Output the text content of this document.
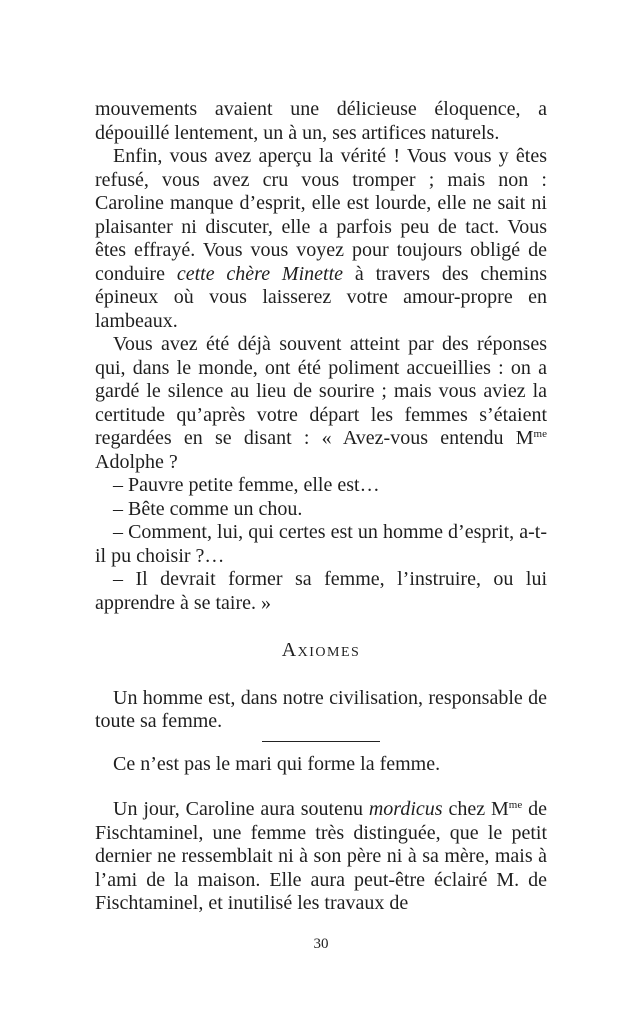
mouvements avaient une délicieuse éloquence, a dépouillé lentement, un à un, ses artifices naturels.

Enfin, vous avez aperçu la vérité ! Vous vous y êtes refusé, vous avez cru vous tromper ; mais non : Caroline manque d’esprit, elle est lourde, elle ne sait ni plaisanter ni discuter, elle a parfois peu de tact. Vous êtes effrayé. Vous vous voyez pour toujours obligé de conduire cette chère Minette à travers des chemins épineux où vous laisserez votre amour-propre en lambeaux.

Vous avez été déjà souvent atteint par des réponses qui, dans le monde, ont été poliment accueillies : on a gardé le silence au lieu de sourire ; mais vous aviez la certitude qu’après votre départ les femmes s’étaient regardées en se disant : « Avez-vous entendu $M^{me}$ Adolphe ?

– Pauvre petite femme, elle est…

– Bête comme un chou.

– Comment, lui, qui certes est un homme d’esprit, a-t-il pu choisir ?…

– Il devrait former sa femme, l’instruire, ou lui apprendre à se taire. »

Axiomes

Un homme est, dans notre civilisation, responsable de toute sa femme.

Ce n’est pas le mari qui forme la femme.

Un jour, Caroline aura soutenu mordicus chez $M^{me}$ de Fischtaminel, une femme très distinguée, que le petit dernier ne ressemblait ni à son père ni à sa mère, mais à l’ami de la maison. Elle aura peut-être éclairé M. de Fischtaminel, et inutilisé les travaux de

30
